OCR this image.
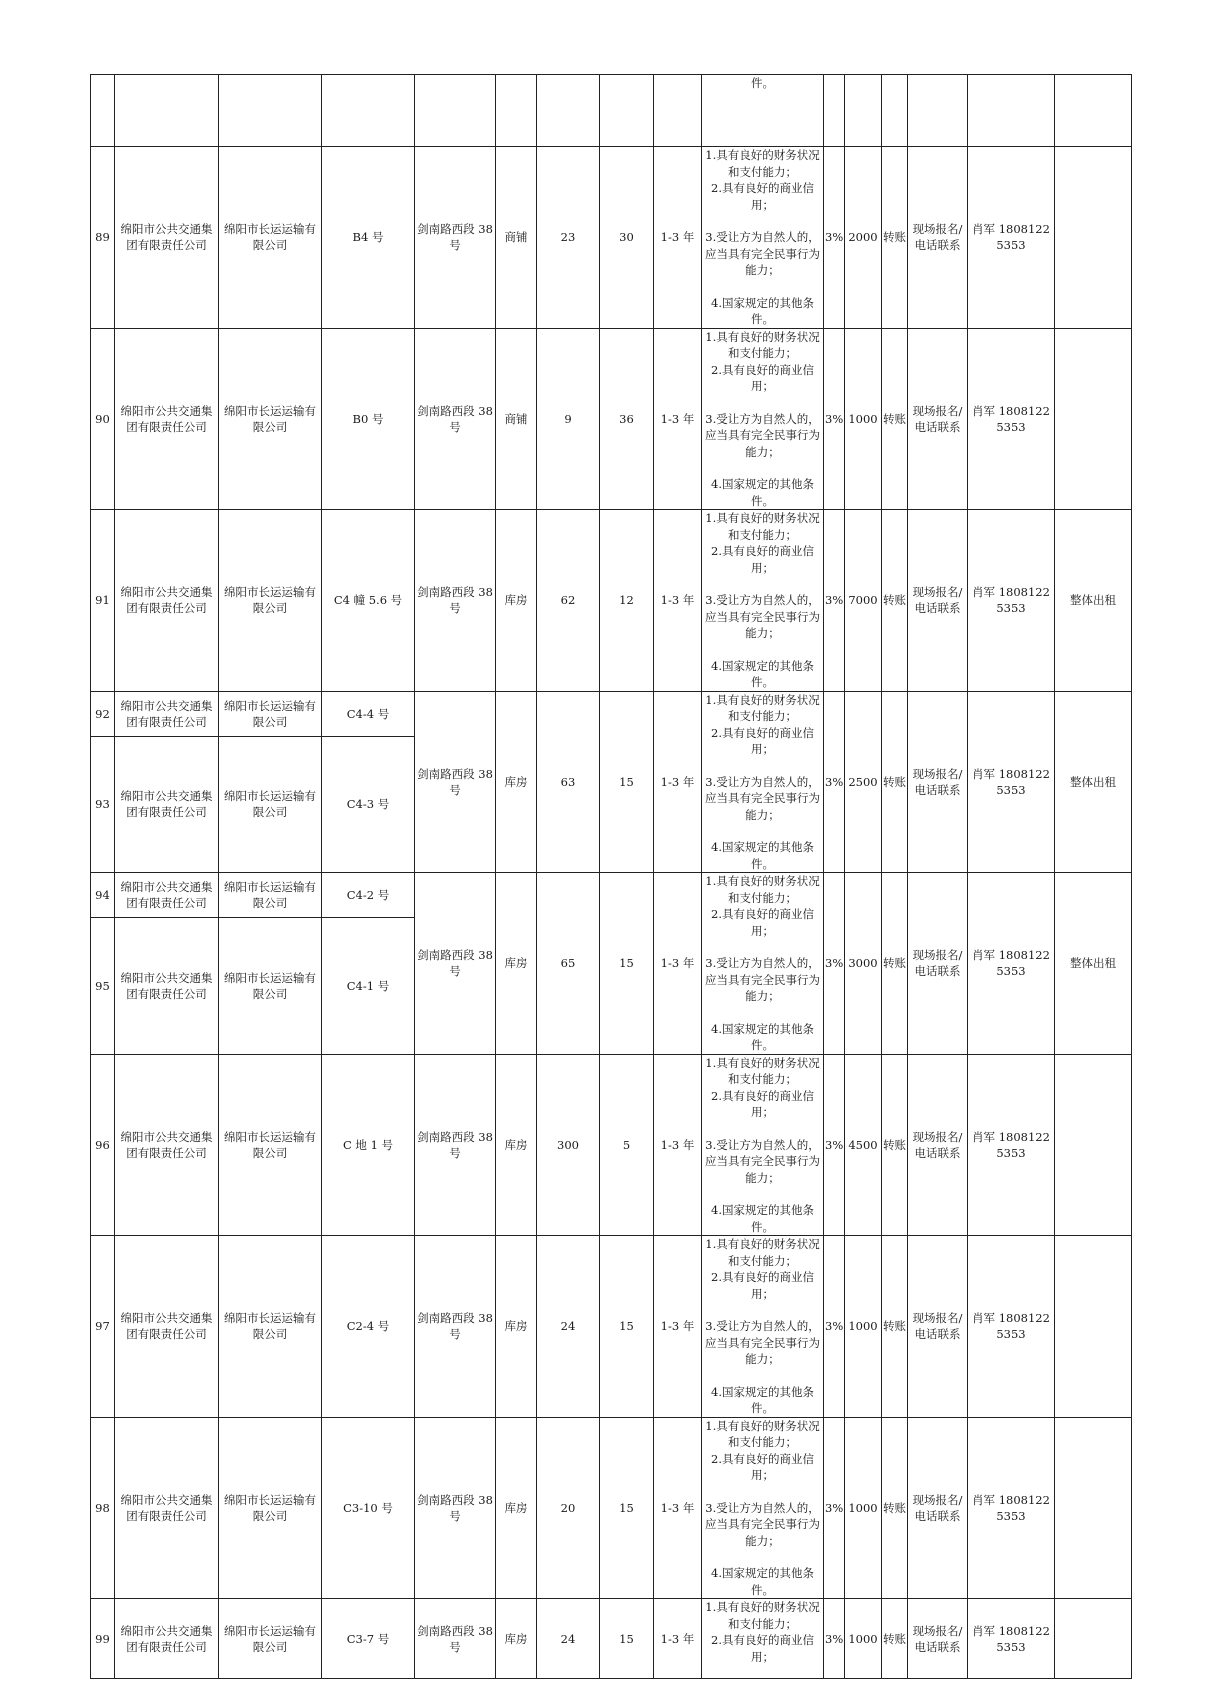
									件。						
89	绵阳市公共交通集团有限责任公司	绵阳市长运运输有限公司	B4 号	剑南路西段 38 号	商铺	23	30	1-3 年	1.具有良好的财务状况和支付能力；
2.具有良好的商业信用；
3.受让方为自然人的，应当具有完全民事行为能力；
4.国家规定的其他条件。	3%	2000	转账	现场报名/电话联系	肖军 18081225353	
90	绵阳市公共交通集团有限责任公司	绵阳市长运运输有限公司	B0 号	剑南路西段 38 号	商铺	9	36	1-3 年	1.具有良好的财务状况和支付能力；
2.具有良好的商业信用；
3.受让方为自然人的，应当具有完全民事行为能力；
4.国家规定的其他条件。	3%	1000	转账	现场报名/电话联系	肖军 18081225353	
91	绵阳市公共交通集团有限责任公司	绵阳市长运运输有限公司	C4 幢 5.6 号	剑南路西段 38 号	库房	62	12	1-3 年	1.具有良好的财务状况和支付能力；
2.具有良好的商业信用；
3.受让方为自然人的，应当具有完全民事行为能力；
4.国家规定的其他条件。	3%	7000	转账	现场报名/电话联系	肖军 18081225353	整体出租
92	绵阳市公共交通集团有限责任公司	绵阳市长运运输有限公司	C4-4 号	剑南路西段 38 号	库房	63	15	1-3 年	1.具有良好的财务状况和支付能力；
2.具有良好的商业信用；
3.受让方为自然人的，应当具有完全民事行为能力；
4.国家规定的其他条件。	3%	2500	转账	现场报名/电话联系	肖军 18081225353	整体出租
93	绵阳市公共交通集团有限责任公司	绵阳市长运运输有限公司	C4-3 号												
94	绵阳市公共交通集团有限责任公司	绵阳市长运运输有限公司	C4-2 号	剑南路西段 38 号	库房	65	15	1-3 年	1.具有良好的财务状况和支付能力；
2.具有良好的商业信用；
3.受让方为自然人的，应当具有完全民事行为能力；
4.国家规定的其他条件。	3%	3000	转账	现场报名/电话联系	肖军 18081225353	整体出租
95	绵阳市公共交通集团有限责任公司	绵阳市长运运输有限公司	C4-1 号												
96	绵阳市公共交通集团有限责任公司	绵阳市长运运输有限公司	C 地 1 号	剑南路西段 38 号	库房	300	5	1-3 年	1.具有良好的财务状况和支付能力；
2.具有良好的商业信用；
3.受让方为自然人的，应当具有完全民事行为能力；
4.国家规定的其他条件。	3%	4500	转账	现场报名/电话联系	肖军 18081225353	
97	绵阳市公共交通集团有限责任公司	绵阳市长运运输有限公司	C2-4 号	剑南路西段 38 号	库房	24	15	1-3 年	1.具有良好的财务状况和支付能力；
2.具有良好的商业信用；
3.受让方为自然人的，应当具有完全民事行为能力；
4.国家规定的其他条件。	3%	1000	转账	现场报名/电话联系	肖军 18081225353	
98	绵阳市公共交通集团有限责任公司	绵阳市长运运输有限公司	C3-10 号	剑南路西段 38 号	库房	20	15	1-3 年	1.具有良好的财务状况和支付能力；
2.具有良好的商业信用；
3.受让方为自然人的，应当具有完全民事行为能力；
4.国家规定的其他条件。	3%	1000	转账	现场报名/电话联系	肖军 18081225353	
99	绵阳市公共交通集团有限责任公司	绵阳市长运运输有限公司	C3-7 号	剑南路西段 38 号	库房	24	15	1-3 年	1.具有良好的财务状况和支付能力；
2.具有良好的商业信用；	3%	1000	转账	现场报名/电话联系	肖军 18081225353	
